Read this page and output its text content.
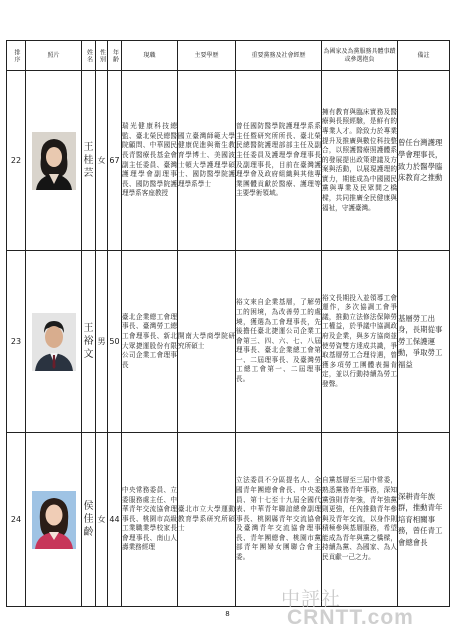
排序	照片	姓名	性別	年齡	現職	主要學歷	重要黨務及社會經歷	為國家及為黨服務具體事蹟或參選抱負	備註
22		王桂芸	女	67	瑞光健康科技總監、臺北榮民總醫院顧問、中華國民長青醫療長基金會副主任委員、臺灣護理學會副理事長、國防醫學院護理學系客座教授	國立臺灣師範大學健康促進與衛生教育學博士、美國波士頓大學護理學碩士、國防醫學院護理學系學士	曾任國防醫學院護理學系系主任暨研究所所長、臺北榮民總醫院護理部部主任及副主任委員及護理學會理事長及副理事長，目前在臺灣護理學會及政府組織與其他專業團體貢獻於醫療、護理等主要學術領域。	擁有教育與臨床實務及醫療與長照經驗，是鮮有的專業人才。除致力於專業提升及推廣與數位科技整合，以照護醫療照護體系的發展提出政策建議及方案與活動，以展現護理的實力，期能成為中國國民黨與專業及民眾間之橋樑，共同推廣全民健康與福祉，守護臺灣。	曾任台灣護理學會理事長，致力於醫學臨床教育之推動
23		王裕文	男	50	臺北企業總工會理事長、臺灣勞工總工會理事長、新北大眾捷運股份有限公司企業工會理事長	開南大學商學院研究所碩士	裕文來自企業基層，了解勞工的困境，為改善勞工的處境，獲選為工會理事長，先後擔任臺北捷運公司企業工會第三、四、六、七、八屆理事長、臺北企業總工會第一、二屆理事長、及臺灣勞工總工會第一、二屆理事長。	裕文長期投入並領導工會運作，多次協調工會爭議，推動立法修法保障勞工權益，於爭議中協調政府及企業，與多方協商並使勞資雙方達成共識，爭取基層勞工合理待遇，曾獲多項勞工團體表揚肯定，並以行動持續為勞工發聲。	基層勞工出身，長期從事勞工保護運動，爭取勞工福益
24		侯佳齡	女	44	中央常務委員、立委服務處主任、中華青年交流協會理事長、桃園市高級工業職業學校家長會理事長、南山人壽業務經理	臺北市立大學運動教育學系研究所碩士	立法委員不分區提名人、全國青年團總會會長、中央委員、第十七至十九屆全國代表、中華青年聯誼總會副理事長、桃園縣青年交流協會及臺灣青年交流協會理事長、青年團總會、桃園市黨部青年團婦女團聯合會主委。	自黨基層至三屆中常委，熟悉黨務青年事務，深知黨強則青年強，青年強黨則更強，任內推動青年參與及青年交流，以身作則積極參與基層服務，希望能成為青年與黨之橋樑，持續為黨、為國家、為人民貢獻一己之力。	深耕青年族群，推動青年培育相關事務，曾任青工會總會長
8
中評社
CRNTT.com
